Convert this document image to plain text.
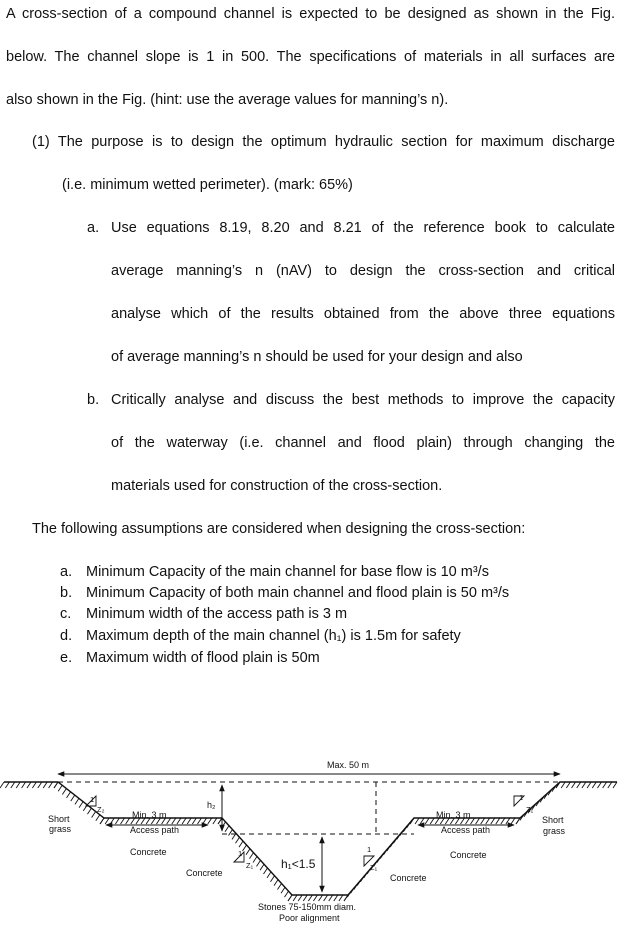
A cross-section of a compound channel is expected to be designed as shown in the Fig.
below. The channel slope is 1 in 500. The specifications of materials in all surfaces are
also shown in the Fig. (hint: use the average values for manning’s n).
(1) The purpose is to design the optimum hydraulic section for maximum discharge
(i.e. minimum wetted perimeter). (mark: 65%)
a. Use equations 8.19, 8.20 and 8.21 of the reference book to calculate
average manning’s n (nAV) to design the cross-section and critical
analyse which of the results obtained from the above three equations
of average manning’s n should be used for your design and also
b. Critically analyse and discuss the best methods to improve the capacity
of the waterway (i.e. channel and flood plain) through changing the
materials used for construction of the cross-section.
The following assumptions are considered when designing the cross-section:
a. Minimum Capacity of the main channel for base flow is 10 m³/s
b. Minimum Capacity of both main channel and flood plain is 50 m³/s
c. Minimum width of the access path is 3 m
d. Maximum depth of the main channel (h₁) is 1.5m for safety
e. Maximum width of flood plain is 50m
Max. 50 m
Short
grass
Z₂
1
Min. 3 m
Access path
Concrete
h₂
Z₁
1
Concrete
h₁<1.5	Z₁
1
Concrete
Min. 3 m
Access path
Concrete
Z₁
1
Short
grass
Stones 75-150mm diam.
Poor alignment
